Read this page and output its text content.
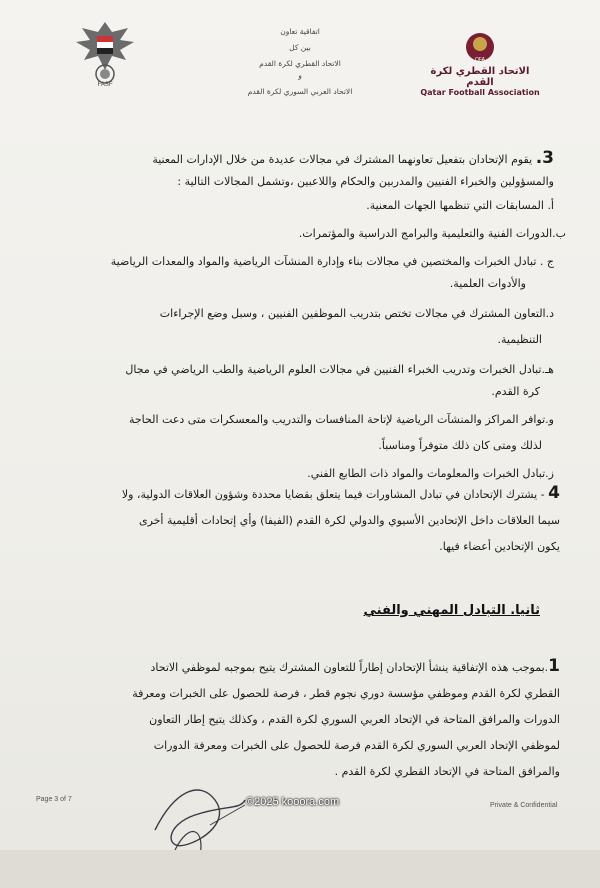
FASF
اتفاقية تعاون
بين كل
الاتحاد القطري لكرة القدم
و
الاتحاد العربي السوري لكرة القدم
QFA
الاتحاد القطري لكرة القدم
Qatar Football Association
3. يقوم الإتحادان بتفعيل تعاونهما المشترك في مجالات عديدة من خلال الإدارات المعنية
والمسؤولين والخبراء الفنيين والمدربين والحكام واللاعبين ،وتشمل المجالات التالية :
أ. المسابقات التي تنظمها الجهات المعنية.
ب.الدورات الفنية والتعليمية والبرامج الدراسية والمؤتمرات.
ج . تبادل الخبرات والمختصين في مجالات بناء وإدارة المنشآت الرياضية والمواد والمعدات الرياضية
والأدوات العلمية.
د.التعاون المشترك في مجالات تختص بتدريب الموظفين الفنيين ، وسبل وضع الإجراءات
التنظيمية.
هـ.تبادل الخبرات وتدريب الخبراء الفنيين في مجالات العلوم الرياضية والطب الرياضي في مجال
كرة القدم.
و.توافر المراكز والمنشآت الرياضية لإتاحة المنافسات والتدريب والمعسكرات متى دعت الحاجة
لذلك ومتى كان ذلك متوفراً ومناسباً.
ز.تبادل الخبرات والمعلومات والمواد ذات الطابع الفني.
4 - يشترك الإتحادان في تبادل المشاورات فيما يتعلق بقضايا محددة وشؤون العلاقات الدولية، ولا
سيما العلاقات داخل الإتحادين الأسيوي والدولي لكرة القدم (الفيفا) وأي إتحادات أقليمية أخرى
يكون الإتحادين أعضاء فيها.
ثانيا. التبادل المهني والفني
1.بموجب هذه الإتفاقية ينشأ الإتحادان إطاراً للتعاون المشترك يتيح بموجبه لموظفي الاتحاد
القطري لكرة القدم وموظفي مؤسسة دوري نجوم قطر ، فرصة للحصول على الخبرات ومعرفة
الدورات والمرافق المتاحة في الإتحاد العربي السوري لكرة القدم ، وكذلك يتيح إطار التعاون
لموظفي الإتحاد العربي السوري لكرة القدم فرصة للحصول على الخبرات ومعرفة الدورات
والمرافق المتاحة في الإتحاد القطري لكرة القدم .
Page 3 of 7	©2025 kooora.com	Private & Confidential
